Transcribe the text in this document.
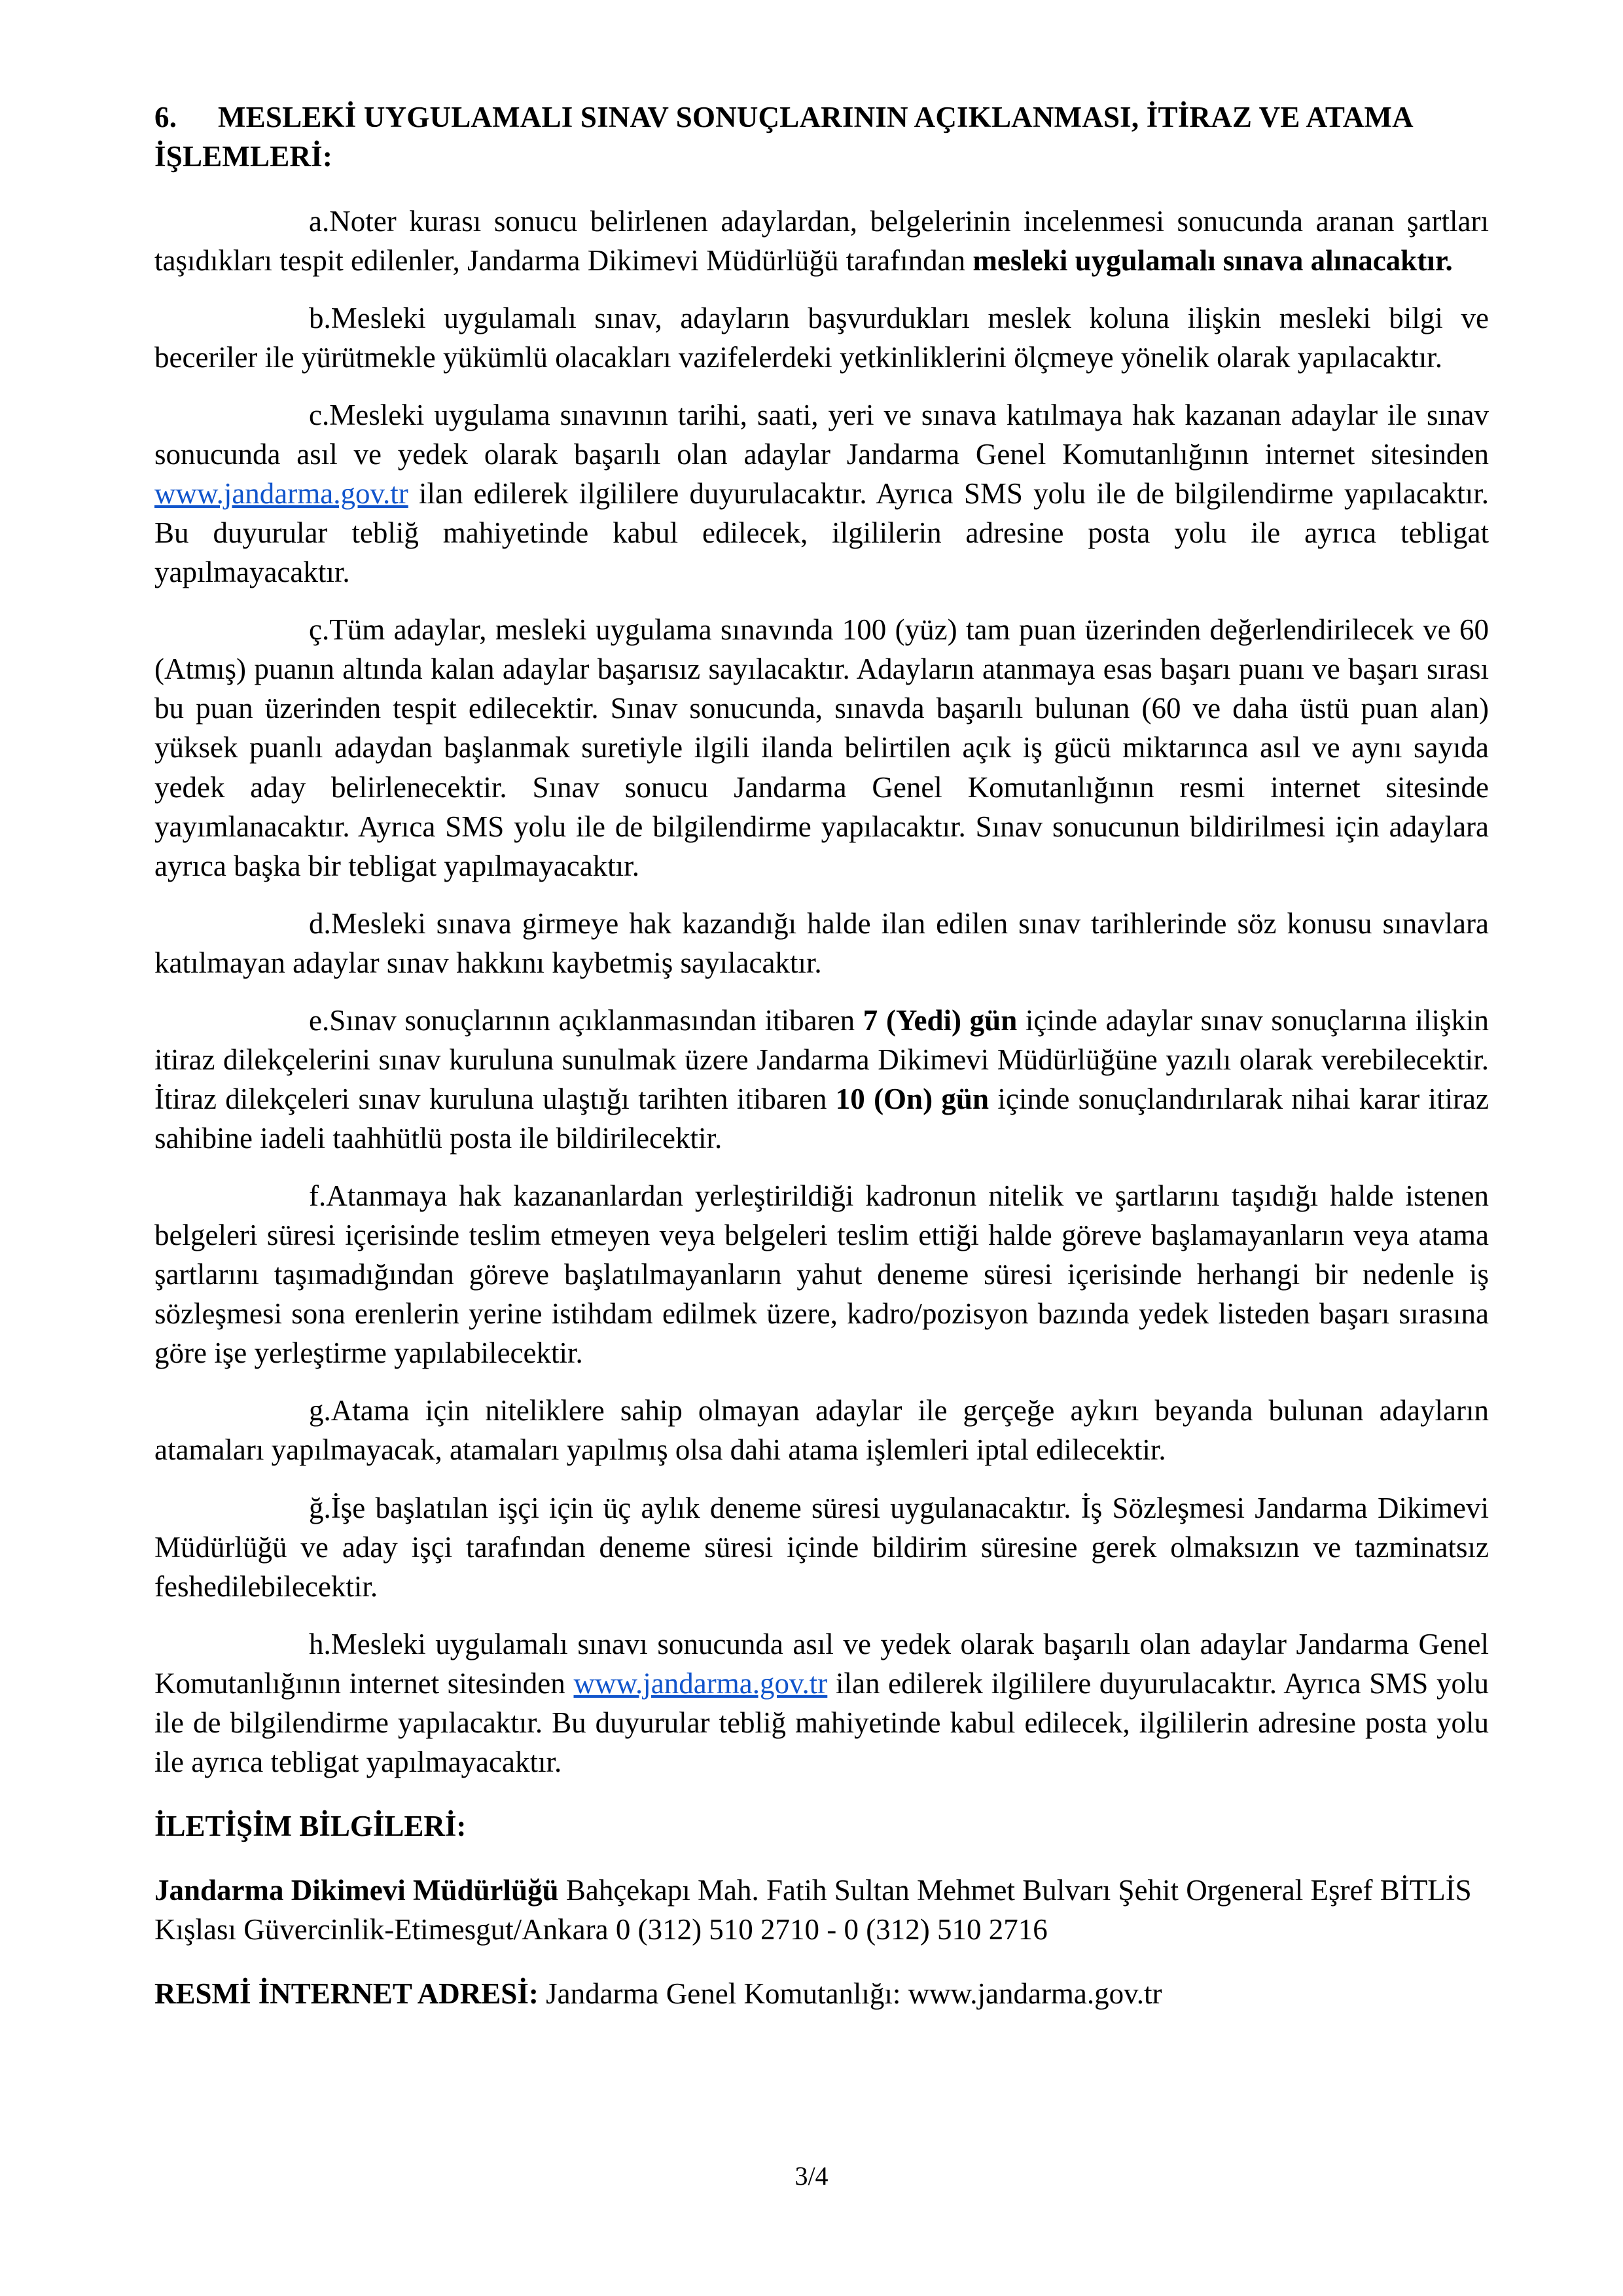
6. MESLEKİ UYGULAMALI SINAV SONUÇLARININ AÇIKLANMASI, İTİRAZ VE ATAMA İŞLEMLERİ:

a.Noter kurası sonucu belirlenen adaylardan, belgelerinin incelenmesi sonucunda aranan şartları taşıdıkları tespit edilenler, Jandarma Dikimevi Müdürlüğü tarafından mesleki uygulamalı sınava alınacaktır.

b.Mesleki uygulamalı sınav, adayların başvurdukları meslek koluna ilişkin mesleki bilgi ve beceriler ile yürütmekle yükümlü olacakları vazifelerdeki yetkinliklerini ölçmeye yönelik olarak yapılacaktır.

c.Mesleki uygulama sınavının tarihi, saati, yeri ve sınava katılmaya hak kazanan adaylar ile sınav sonucunda asıl ve yedek olarak başarılı olan adaylar Jandarma Genel Komutanlığının internet sitesinden www.jandarma.gov.tr ilan edilerek ilgililere duyurulacaktır. Ayrıca SMS yolu ile de bilgilendirme yapılacaktır. Bu duyurular tebliğ mahiyetinde kabul edilecek, ilgililerin adresine posta yolu ile ayrıca tebligat yapılmayacaktır.

ç.Tüm adaylar, mesleki uygulama sınavında 100 (yüz) tam puan üzerinden değerlendirilecek ve 60 (Atmış) puanın altında kalan adaylar başarısız sayılacaktır. Adayların atanmaya esas başarı puanı ve başarı sırası bu puan üzerinden tespit edilecektir. Sınav sonucunda, sınavda başarılı bulunan (60 ve daha üstü puan alan) yüksek puanlı adaydan başlanmak suretiyle ilgili ilanda belirtilen açık iş gücü miktarınca asıl ve aynı sayıda yedek aday belirlenecektir. Sınav sonucu Jandarma Genel Komutanlığının resmi internet sitesinde yayımlanacaktır. Ayrıca SMS yolu ile de bilgilendirme yapılacaktır. Sınav sonucunun bildirilmesi için adaylara ayrıca başka bir tebligat yapılmayacaktır.

d.Mesleki sınava girmeye hak kazandığı halde ilan edilen sınav tarihlerinde söz konusu sınavlara katılmayan adaylar sınav hakkını kaybetmiş sayılacaktır.

e.Sınav sonuçlarının açıklanmasından itibaren 7 (Yedi) gün içinde adaylar sınav sonuçlarına ilişkin itiraz dilekçelerini sınav kuruluna sunulmak üzere Jandarma Dikimevi Müdürlüğüne yazılı olarak verebilecektir. İtiraz dilekçeleri sınav kuruluna ulaştığı tarihten itibaren 10 (On) gün içinde sonuçlandırılarak nihai karar itiraz sahibine iadeli taahhütlü posta ile bildirilecektir.

f.Atanmaya hak kazananlardan yerleştirildiği kadronun nitelik ve şartlarını taşıdığı halde istenen belgeleri süresi içerisinde teslim etmeyen veya belgeleri teslim ettiği halde göreve başlamayanların veya atama şartlarını taşımadığından göreve başlatılmayanların yahut deneme süresi içerisinde herhangi bir nedenle iş sözleşmesi sona erenlerin yerine istihdam edilmek üzere, kadro/pozisyon bazında yedek listeden başarı sırasına göre işe yerleştirme yapılabilecektir.

g.Atama için niteliklere sahip olmayan adaylar ile gerçeğe aykırı beyanda bulunan adayların atamaları yapılmayacak, atamaları yapılmış olsa dahi atama işlemleri iptal edilecektir.

ğ.İşe başlatılan işçi için üç aylık deneme süresi uygulanacaktır. İş Sözleşmesi Jandarma Dikimevi Müdürlüğü ve aday işçi tarafından deneme süresi içinde bildirim süresine gerek olmaksızın ve tazminatsız feshedilebilecektir.

h.Mesleki uygulamalı sınavı sonucunda asıl ve yedek olarak başarılı olan adaylar Jandarma Genel Komutanlığının internet sitesinden www.jandarma.gov.tr ilan edilerek ilgililere duyurulacaktır. Ayrıca SMS yolu ile de bilgilendirme yapılacaktır. Bu duyurular tebliğ mahiyetinde kabul edilecek, ilgililerin adresine posta yolu ile ayrıca tebligat yapılmayacaktır.

İLETİŞİM BİLGİLERİ:

Jandarma Dikimevi Müdürlüğü Bahçekapı Mah. Fatih Sultan Mehmet Bulvarı Şehit Orgeneral Eşref BİTLİS Kışlası Güvercinlik-Etimesgut/Ankara 0 (312) 510 2710 - 0 (312) 510 2716

RESMİ İNTERNET ADRESİ: Jandarma Genel Komutanlığı: www.jandarma.gov.tr

3/4
